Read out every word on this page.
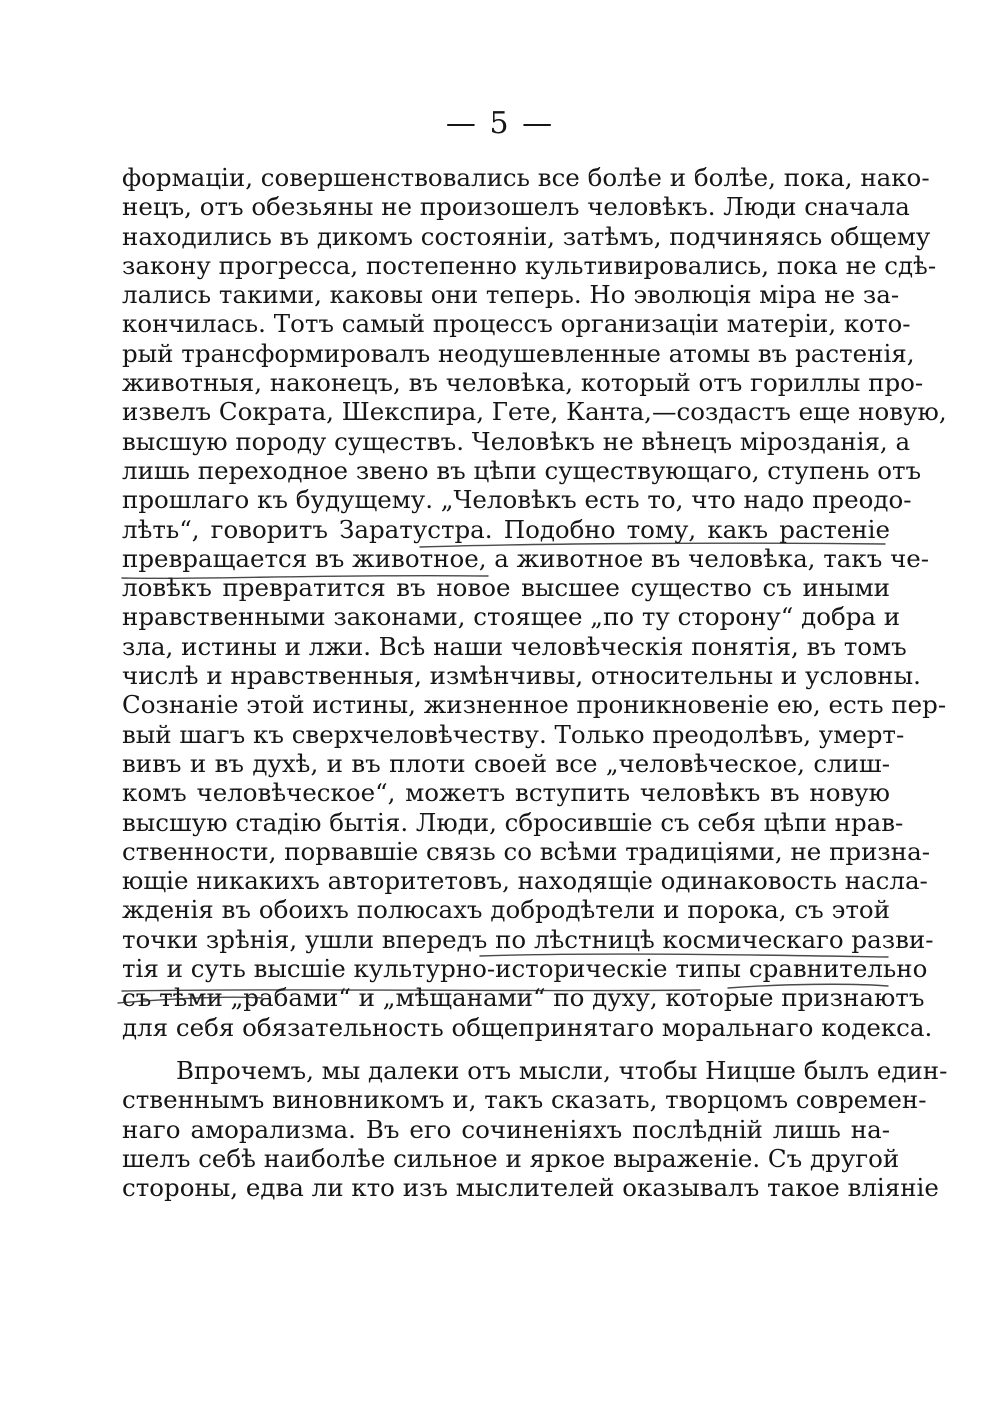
— 5 —
формаціи, совершенствовались все болѣе и болѣе, пока, нако-
нецъ, отъ обезьяны не произошелъ человѣкъ. Люди сначала
находились въ дикомъ состояніи, затѣмъ, подчиняясь общему
закону прогресса, постепенно культивировались, пока не сдѣ-
лались такими, каковы они теперь. Но эволюція міра не за-
кончилась. Тотъ самый процессъ организаціи матеріи, кото-
рый трансформировалъ неодушевленные атомы въ растенія,
животныя, наконецъ, въ человѣка, который отъ гориллы про-
извелъ Сократа, Шекспира, Гете, Канта,—создастъ еще новую,
высшую породу существъ. Человѣкъ не вѣнецъ мірозданія, а
лишь переходное звено въ цѣпи существующаго, ступень отъ
прошлаго къ будущему. „Человѣкъ есть то, что надо преодо-
лѣть“, говоритъ Заратустра. Подобно тому, какъ растеніе
превращается въ животное, а животное въ человѣка, такъ че-
ловѣкъ превратится въ новое высшее существо съ иными
нравственными законами, стоящее „по ту сторону“ добра и
зла, истины и лжи. Всѣ наши человѣческія понятія, въ томъ
числѣ и нравственныя, измѣнчивы, относительны и условны.
Сознаніе этой истины, жизненное проникновеніе ею, есть пер-
вый шагъ къ сверхчеловѣчеству. Только преодолѣвъ, умерт-
вивъ и въ духѣ, и въ плоти своей все „человѣческое, слиш-
комъ человѣческое“, можетъ вступить человѣкъ въ новую
высшую стадію бытія. Люди, сбросившіе съ себя цѣпи нрав-
ственности, порвавшіе связь со всѣми традиціями, не призна-
ющіе никакихъ авторитетовъ, находящіе одинаковость насла-
жденія въ обоихъ полюсахъ добродѣтели и порока, съ этой
точки зрѣнія, ушли впередъ по лѣстницѣ космическаго разви-
тія и суть высшіе культурно-историческіе типы сравнительно
съ тѣми „рабами“ и „мѣщанами“ по духу, которые признаютъ
для себя обязательность общепринятаго моральнаго кодекса.
Впрочемъ, мы далеки отъ мысли, чтобы Ницше былъ един-
ственнымъ виновникомъ и, такъ сказать, творцомъ современ-
наго аморализма. Въ его сочиненіяхъ послѣдній лишь на-
шелъ себѣ наиболѣе сильное и яркое выраженіе. Съ другой
стороны, едва ли кто изъ мыслителей оказывалъ такое вліяніе
